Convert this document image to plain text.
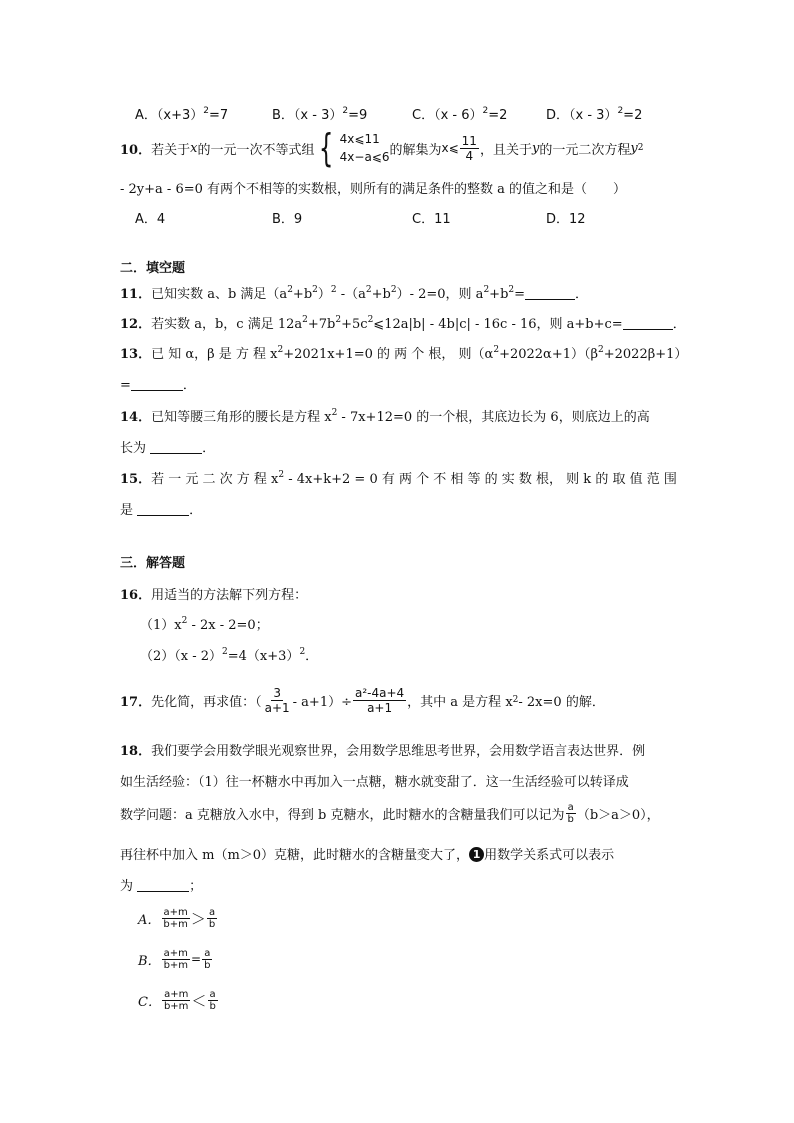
A．$(x+3)^2=7$	B．（x - 3）$^2$=9	C．（x - 6）$^2$=2	D．（x - 3）$^2$=2
10． 若关于 x 的一元一次不等式组 { 4x⩽11
4x−a⩽6 的解集为 x⩽ $\frac{11}{4}$ ，且关于 y 的一元二次方程 y 2
- 2y+a - 6=0 有两个不相等的实数根，则所有的满足条件的整数 a 的值之和是（　　）
A．4	B．9	C．11	D．12
二．填空题
11．已知实数 a、b 满足$(a^2+b^2)^2$ $-(a^2+b^2)-$ 2=0，则 $a^2+b^2=$	．
12．若实数 a，b，c 满足 $12a^2+7b^2+5c^2⩽12a|b| - 4b|c| - 16c - 16$，则 a+b+c=	．
13．已 知 α，β 是 方 程 $x^2+2021x+1=0$ 的 两 个 根， 则$(\alpha^2+2022\alpha+1)(\beta^2+2022\beta+1)$
=	．
14．已知等腰三角形的腰长是方程 $x^2 - 7x+12=0$ 的一个根，其底边长为 6，则底边上的高
长为	．
15．若 一 元 二 次 方 程 $x^2 - 4x+k+2 = 0$ 有 两 个 不 相 等 的 实 数 根， 则 k 的 取 值 范 围
是	．
三．解答题
16．用适当的方法解下列方程：
$(1)x^2 - 2x - 2=0$；
$(2)(x - 2)^2=4(x+3)^2$．
17． 先化简，再求值：（ $\frac{3}{a+1} - a+1)\div \frac{\text{a²-4a+4}}{a+1}$ ，其中 a 是方程 x 2 - 2x=0 的解．
18．我们要学会用数学眼光观察世界，会用数学思维思考世界，会用数学语言表达世界．例
如生活经验：（1）往一杯糖水中再加入一点糖，糖水就变甜了．这一生活经验可以转译成
数学问题：a 克糖放入水中，得到 b 克糖水，此时糖水的含糖量我们可以记为 $\frac{a}{b} (b>a>0)$，
再往杯中加入 m（m＞0）克糖，此时糖水的含糖量变大了， 1 用数学关系式可以表示
为	；
A． $\frac{a+m}{b+m} > \frac{a}{b}$
B． $\frac{a+m}{b+m} = \frac{a}{b}$
C． $\frac{a+m}{b+m} < \frac{a}{b}$
